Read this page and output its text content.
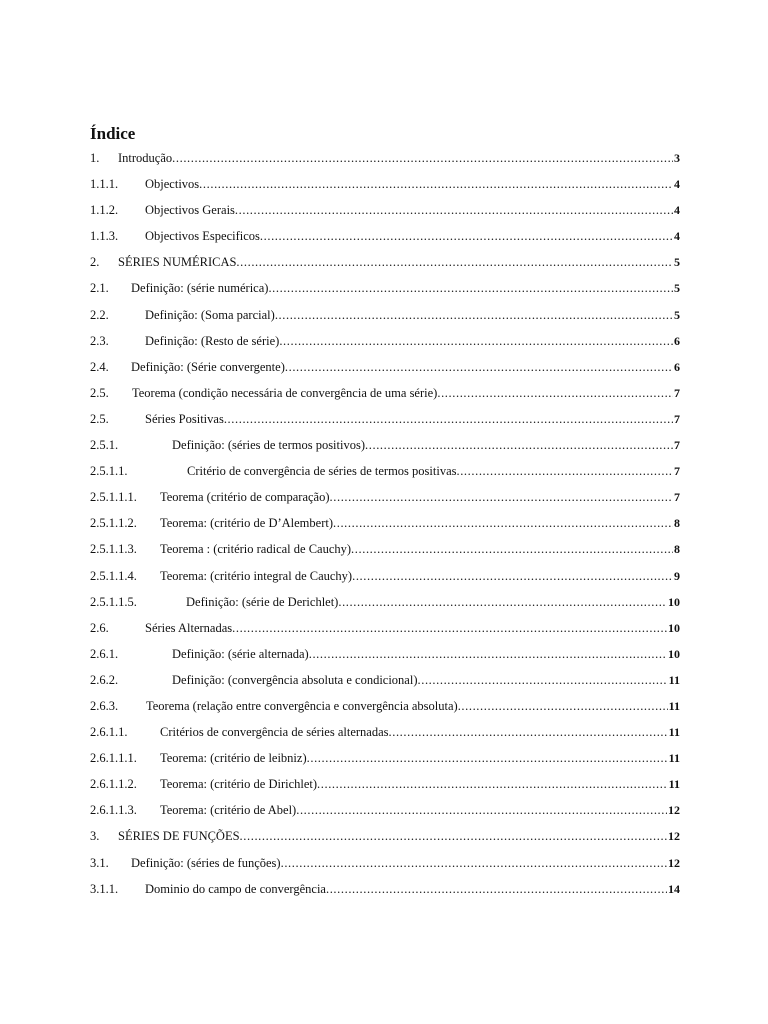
Índice
1. Introdução .....	3
1.1.1. Objectivos .....	4
1.1.2. Objectivos Gerais .....	4
1.1.3. Objectivos Especificos .....	4
2. SÉRIES NUMÉRICAS .....	5
2.1. Definição: (série numérica) .....	5
2.2.	Definição: (Soma parcial) .....	5
2.3.	Definição: (Resto de série) .....	6
2.4. Definição: (Série convergente) .....	6
2.5. Teorema (condição necessária de convergência de uma série) .....	7
2.5.	Séries Positivas .....	7
2.5.1.	Definição: (séries de termos positivos) .....	7
2.5.1.1.	Critério de convergência de séries de termos positivas .....	7
2.5.1.1.1. Teorema (critério de comparação) .....	7
2.5.1.1.2. Teorema: (critério de D’Alembert) .....	8
2.5.1.1.3. Teorema : (critério radical de Cauchy) .....	8
2.5.1.1.4. Teorema: (critério integral de Cauchy) .....	9
2.5.1.1.5.	Definição: (série de Derichlet) .....	10
2.6.	Séries Alternadas .....	10
2.6.1.	Definição: (série alternada) .....	10
2.6.2.	Definição: (convergência absoluta e condicional) .....	11
2.6.3. Teorema (relação entre convergência e convergência absoluta) .....	11
2.6.1.1.	Critérios de convergência de séries alternadas .....	11
2.6.1.1.1. Teorema: (critério de leibniz) .....	11
2.6.1.1.2. Teorema: (critério de Dirichlet) .....	11
2.6.1.1.3. Teorema: (critério de Abel) .....	12
3. SÉRIES DE FUNÇÕES .....	12
3.1. Definição: (séries de funções) .....	12
3.1.1. Dominio do campo de convergência .....	14
